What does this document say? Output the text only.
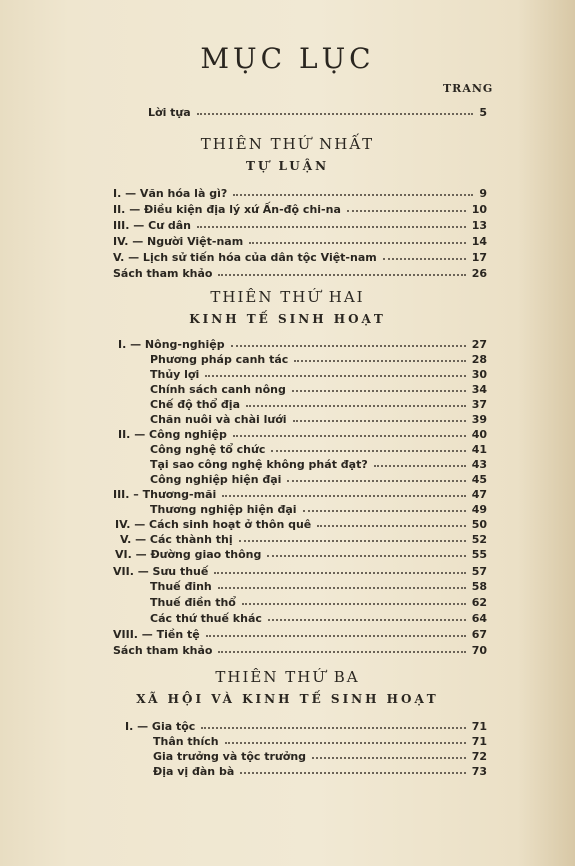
MỤC LỤC
TRANG
THIÊN THỨ NHẤT
TỰ LUẬN
THIÊN THỨ HAI
KINH TẾ SINH HOẠT
THIÊN THỨ BA
XÃ HỘI VÀ KINH TẾ SINH HOẠT
Lời tựa	5
I. — Văn hóa là gì?	9
II. — Điều kiện địa lý xứ Ấn-độ chi-na	10
III. — Cư dân	13
IV. — Người Việt-nam	14
V. — Lịch sử tiến hóa của dân tộc Việt-nam	17
Sách tham khảo	26
I. — Nông-nghiệp	27
Phương pháp canh tác	28
Thủy lợi	30
Chính sách canh nông	34
Chế độ thổ địa	37
Chăn nuôi và chài lưới	39
II. — Công nghiệp	40
Công nghệ tổ chức	41
Tại sao công nghệ không phát đạt?	43
Công nghiệp hiện đại	45
III. – Thương-mãi	47
Thương nghiệp hiện đại	49
IV. — Cách sinh hoạt ở thôn quê	50
V. — Các thành thị	52
VI. — Đường giao thông	55
VII. — Sưu thuế	57
Thuế đinh	58
Thuế điền thổ	62
Các thứ thuế khác	64
VIII. — Tiền tệ	67
Sách tham khảo	70
I. — Gia tộc	71
Thân thích	71
Gia trưởng và tộc trưởng	72
Địa vị đàn bà	73
